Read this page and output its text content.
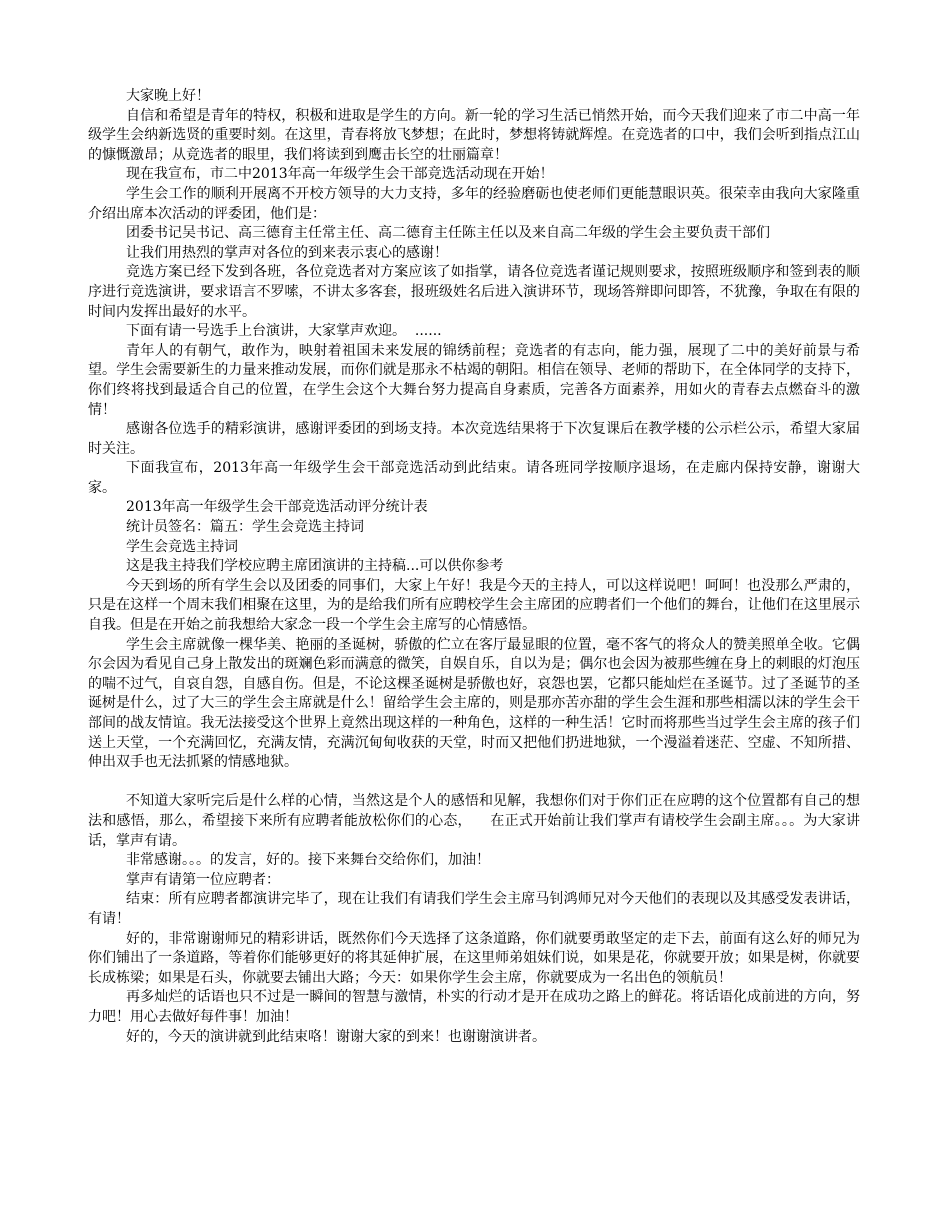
大家晚上好！

自信和希望是青年的特权，积极和进取是学生的方向。新一轮的学习生活已悄然开始，而今天我们迎来了市二中高一年级学生会纳新选贤的重要时刻。在这里，青春将放飞梦想；在此时，梦想将铸就辉煌。在竞选者的口中，我们会听到指点江山的慷慨激昂；从竞选者的眼里，我们将读到到鹰击长空的壮丽篇章！

现在我宣布，市二中2013年高一年级学生会干部竞选活动现在开始！

学生会工作的顺利开展离不开校方领导的大力支持，多年的经验磨砺也使老师们更能慧眼识英。很荣幸由我向大家隆重介绍出席本次活动的评委团，他们是：

团委书记吴书记、高三德育主任常主任、高二德育主任陈主任以及来自高二年级的学生会主要负责干部们

让我们用热烈的掌声对各位的到来表示衷心的感谢！

竞选方案已经下发到各班，各位竞选者对方案应该了如指掌，请各位竞选者谨记规则要求，按照班级顺序和签到表的顺序进行竞选演讲，要求语言不罗嗦，不讲太多客套，报班级姓名后进入演讲环节，现场答辩即问即答，不犹豫，争取在有限的时间内发挥出最好的水平。

下面有请一号选手上台演讲，大家掌声欢迎。  ......

青年人的有朝气，敢作为，映射着祖国未来发展的锦绣前程；竞选者的有志向，能力强，展现了二中的美好前景与希望。学生会需要新生的力量来推动发展，而你们就是那永不枯竭的朝阳。相信在领导、老师的帮助下，在全体同学的支持下，你们终将找到最适合自己的位置，在学生会这个大舞台努力提高自身素质，完善各方面素养，用如火的青春去点燃奋斗的激情！

感谢各位选手的精彩演讲，感谢评委团的到场支持。本次竞选结果将于下次复课后在教学楼的公示栏公示，希望大家届时关注。

下面我宣布，2013年高一年级学生会干部竞选活动到此结束。请各班同学按顺序退场，在走廊内保持安静，谢谢大家。

2013年高一年级学生会干部竞选活动评分统计表

统计员签名：篇五：学生会竞选主持词

学生会竞选主持词

这是我主持我们学校应聘主席团演讲的主持稿...可以供你参考

今天到场的所有学生会以及团委的同事们，大家上午好！我是今天的主持人，可以这样说吧！呵呵！也没那么严肃的，只是在这样一个周末我们相聚在这里，为的是给我们所有应聘校学生会主席团的应聘者们一个他们的舞台，让他们在这里展示自我。但是在开始之前我想给大家念一段一个学生会主席写的心情感悟。

学生会主席就像一棵华美、艳丽的圣诞树，骄傲的伫立在客厅最显眼的位置，毫不客气的将众人的赞美照单全收。它偶尔会因为看见自己身上散发出的斑斓色彩而满意的微笑，自娱自乐，自以为是；偶尔也会因为被那些缠在身上的刺眼的灯泡压的喘不过气，自哀自怨，自感自伤。但是，不论这棵圣诞树是骄傲也好，哀怨也罢，它都只能灿烂在圣诞节。过了圣诞节的圣诞树是什么，过了大三的学生会主席就是什么！留给学生会主席的，则是那亦苦亦甜的学生会生涯和那些相濡以沫的学生会干部间的战友情谊。我无法接受这个世界上竟然出现这样的一种角色，这样的一种生活！它时而将那些当过学生会主席的孩子们送上天堂，一个充满回忆，充满友情，充满沉甸甸收获的天堂，时而又把他们扔进地狱，一个漫溢着迷茫、空虚、不知所措、伸出双手也无法抓紧的情感地狱。

不知道大家听完后是什么样的心情，当然这是个人的感悟和见解，我想你们对于你们正在应聘的这个位置都有自己的想法和感悟，那么，希望接下来所有应聘者能放松你们的心态，    在正式开始前让我们掌声有请校学生会副主席。。。为大家讲话，掌声有请。

非常感谢。。。的发言，好的。接下来舞台交给你们，加油！

掌声有请第一位应聘者：

结束：所有应聘者都演讲完毕了，现在让我们有请我们学生会主席马钊鸿师兄对今天他们的表现以及其感受发表讲话，有请！

好的，非常谢谢师兄的精彩讲话，既然你们今天选择了这条道路，你们就要勇敢坚定的走下去，前面有这么好的师兄为你们铺出了一条道路，等着你们能够更好的将其延伸扩展，在这里师弟姐妹们说，如果是花，你就要开放；如果是树，你就要长成栋梁；如果是石头，你就要去铺出大路；今天：如果你学生会主席，你就要成为一名出色的领航员！

再多灿烂的话语也只不过是一瞬间的智慧与激情，朴实的行动才是开在成功之路上的鲜花。将话语化成前进的方向，努力吧！用心去做好每件事！加油！

好的，今天的演讲就到此结束咯！谢谢大家的到来！也谢谢演讲者。
